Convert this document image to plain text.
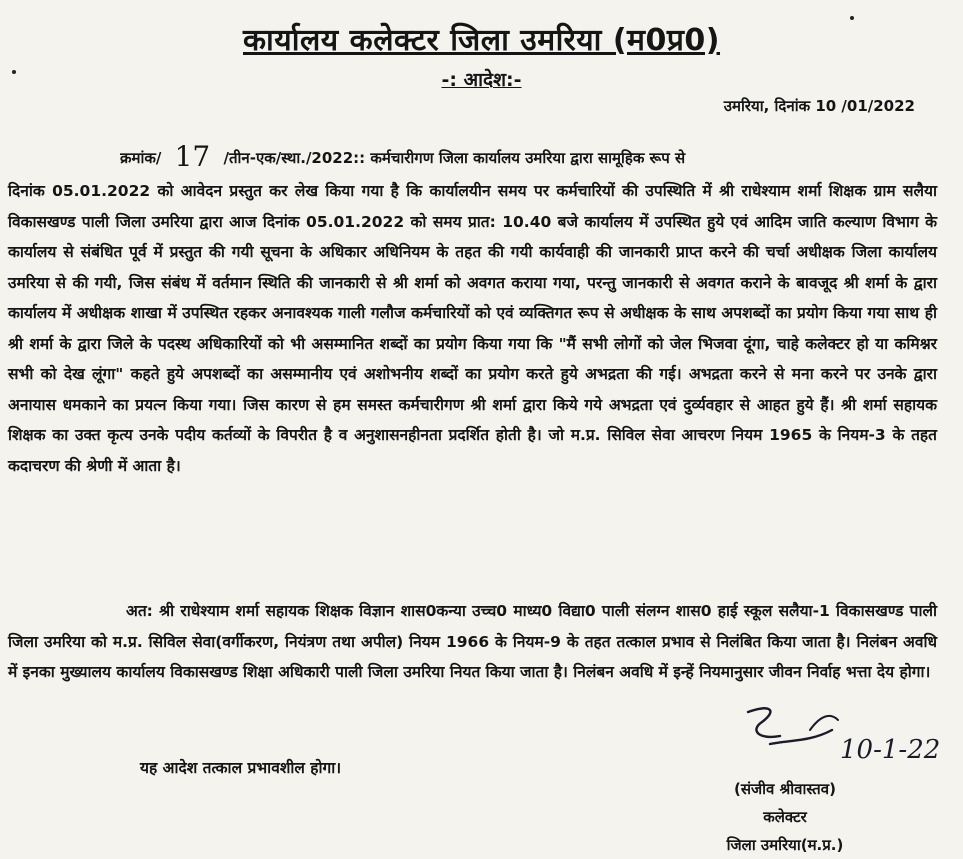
कार्यालय कलेक्टर जिला उमरिया (म0प्र0)
-: आदेश:-
उमरिया, दिनांक 10 /01/2022
क्रमांक/ 17 /तीन-एक/स्था./2022:: कर्मचारीगण जिला कार्यालय उमरिया द्वारा सामूहिक रूप से
दिनांक 05.01.2022 को आवेदन प्रस्तुत कर लेख किया गया है कि कार्यालयीन समय पर कर्मचारियों की उपस्थिति में श्री राधेश्याम शर्मा शिक्षक ग्राम सलैया विकासखण्ड पाली जिला उमरिया द्वारा आज दिनांक 05.01.2022 को समय प्रात: 10.40 बजे कार्यालय में उपस्थित हुये एवं आदिम जाति कल्याण विभाग के कार्यालय से संबंधित पूर्व में प्रस्तुत की गयी सूचना के अधिकार अधिनियम के तहत की गयी कार्यवाही की जानकारी प्राप्त करने की चर्चा अधीक्षक जिला कार्यालय उमरिया से की गयी, जिस संबंध में वर्तमान स्थिति की जानकारी से श्री शर्मा को अवगत कराया गया, परन्तु जानकारी से अवगत कराने के बावजूद श्री शर्मा के द्वारा कार्यालय में अधीक्षक शाखा में उपस्थित रहकर अनावश्यक गाली गलौज कर्मचारियों को एवं व्यक्तिगत रूप से अधीक्षक के साथ अपशब्दों का प्रयोग किया गया साथ ही श्री शर्मा के द्वारा जिले के पदस्थ अधिकारियों को भी असम्मानित शब्दों का प्रयोग किया गया कि "मैं सभी लोगों को जेल भिजवा दूंगा, चाहे कलेक्टर हो या कमिश्नर सभी को देख लूंगा" कहते हुये अपशब्दों का असम्मानीय एवं अशोभनीय शब्दों का प्रयोग करते हुये अभद्रता की गई। अभद्रता करने से मना करने पर उनके द्वारा अनायास धमकाने का प्रयत्न किया गया। जिस कारण से हम समस्त कर्मचारीगण श्री शर्मा द्वारा किये गये अभद्रता एवं दुर्व्यवहार से आहत हुये हैं। श्री शर्मा सहायक शिक्षक का उक्त कृत्य उनके पदीय कर्तव्यों के विपरीत है व अनुशासनहीनता प्रदर्शित होती है। जो म.प्र. सिविल सेवा आचरण नियम 1965 के नियम-3 के तहत कदाचरण की श्रेणी में आता है।
अत: श्री राधेश्याम शर्मा सहायक शिक्षक विज्ञान शास0कन्या उच्च0 माध्य0 विद्या0 पाली संलग्न शास0 हाई स्कूल सलैया-1 विकासखण्ड पाली जिला उमरिया को म.प्र. सिविल सेवा(वर्गीकरण, नियंत्रण तथा अपील) नियम 1966 के नियम-9 के तहत तत्काल प्रभाव से निलंबित किया जाता है। निलंबन अवधि में इनका मुख्यालय कार्यालय विकासखण्ड शिक्षा अधिकारी पाली जिला उमरिया नियत किया जाता है। निलंबन अवधि में इन्हें नियमानुसार जीवन निर्वाह भत्ता देय होगा।
यह आदेश तत्काल प्रभावशील होगा।
10-1-22
(संजीव श्रीवास्तव)
कलेक्टर
जिला उमरिया(म.प्र.)
